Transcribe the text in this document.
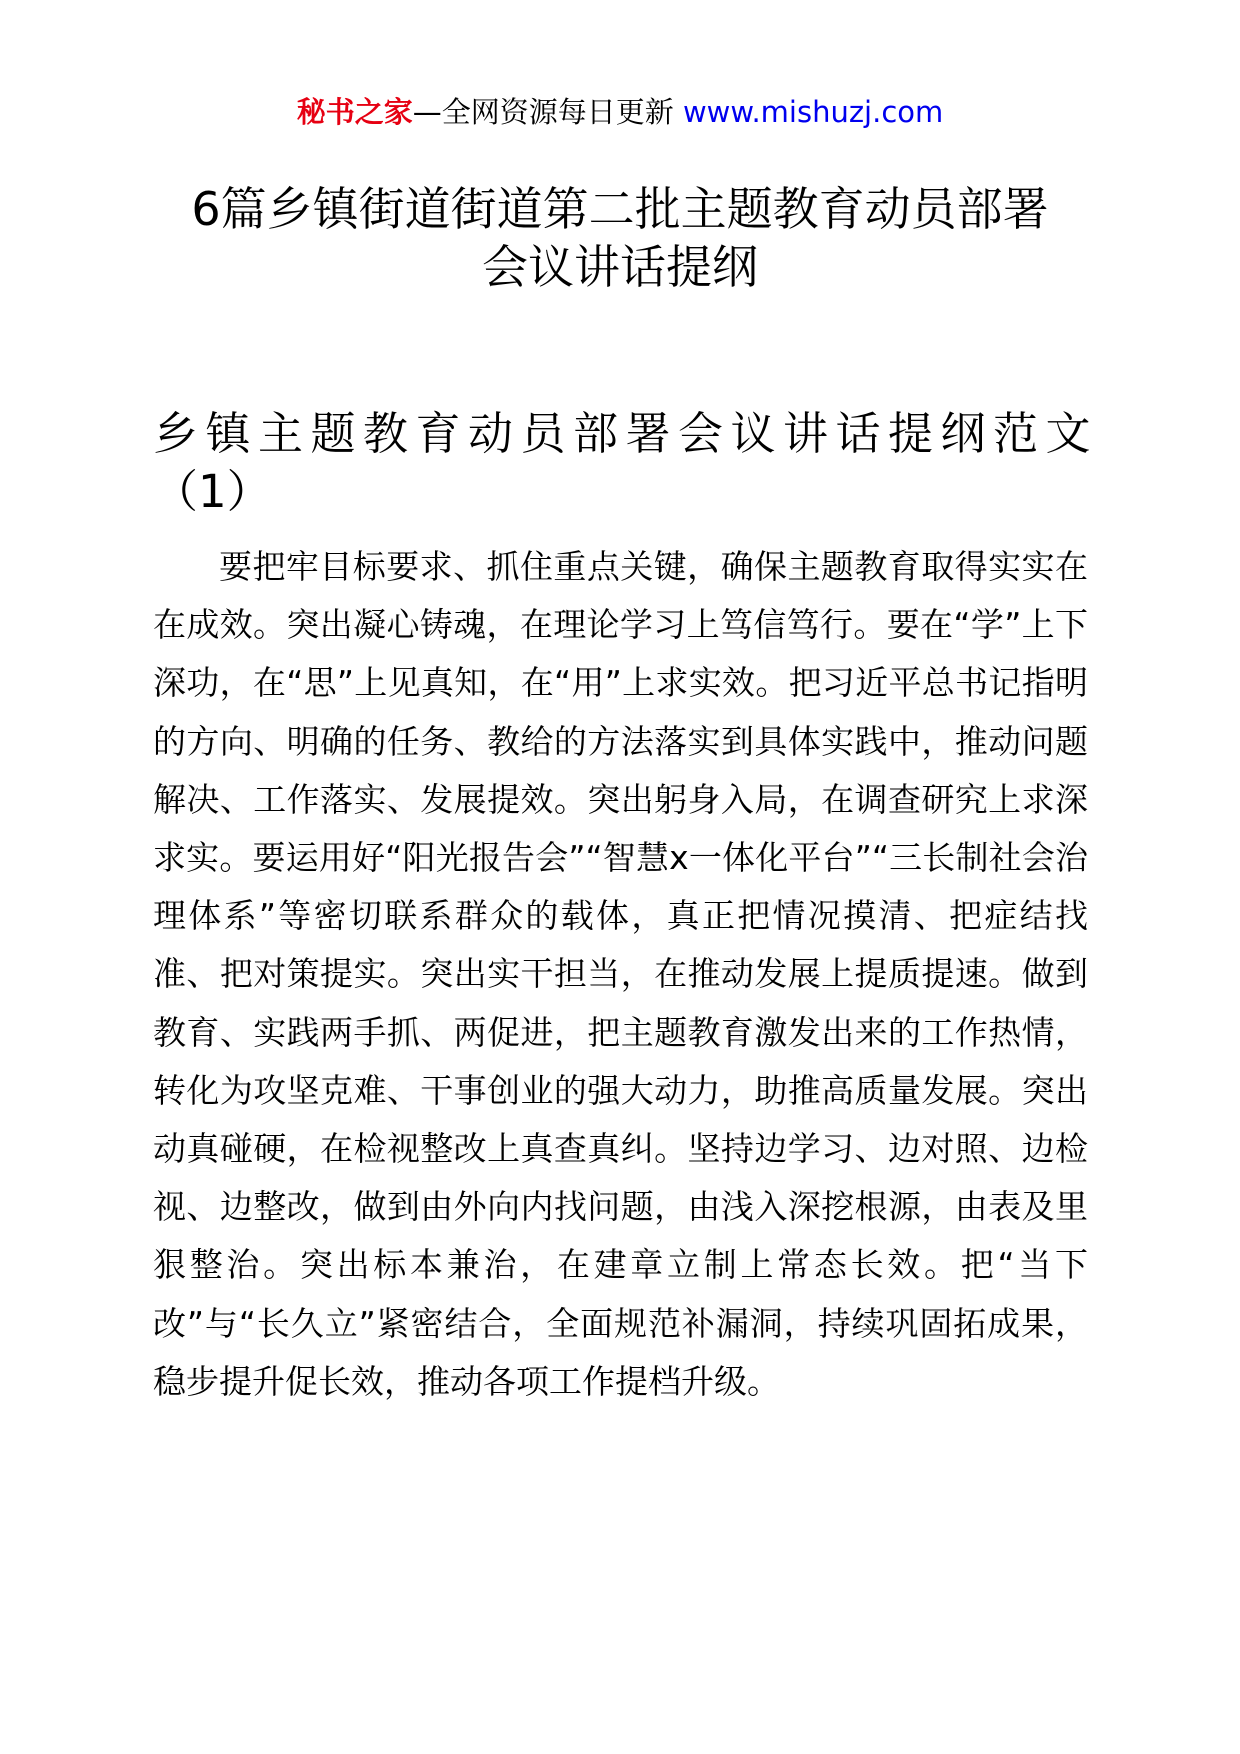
秘书之家—全网资源每日更新 www.mishuzj.com
6篇乡镇街道街道第二批主题教育动员部署
会议讲话提纲
乡镇主题教育动员部署会议讲话提纲范文
（1）

要把牢目标要求、抓住重点关键，确保主题教育取得实实在在成效。突出凝心铸魂，在理论学习上笃信笃行。要在“学”上下深功，在“思”上见真知，在“用”上求实效。把习近平总书记指明的方向、明确的任务、教给的方法落实到具体实践中，推动问题解决、工作落实、发展提效。突出躬身入局，在调查研究上求深求实。要运用好“阳光报告会”“智慧x一体化平台”“三长制社会治理体系”等密切联系群众的载体，真正把情况摸清、把症结找准、把对策提实。突出实干担当，在推动发展上提质提速。做到教育、实践两手抓、两促进，把主题教育激发出来的工作热情，转化为攻坚克难、干事创业的强大动力，助推高质量发展。突出动真碰硬，在检视整改上真查真纠。坚持边学习、边对照、边检视、边整改，做到由外向内找问题，由浅入深挖根源，由表及里狠整治。突出标本兼治，在建章立制上常态长效。把“当下改”与“长久立”紧密结合，全面规范补漏洞，持续巩固拓成果，稳步提升促长效，推动各项工作提档升级。
